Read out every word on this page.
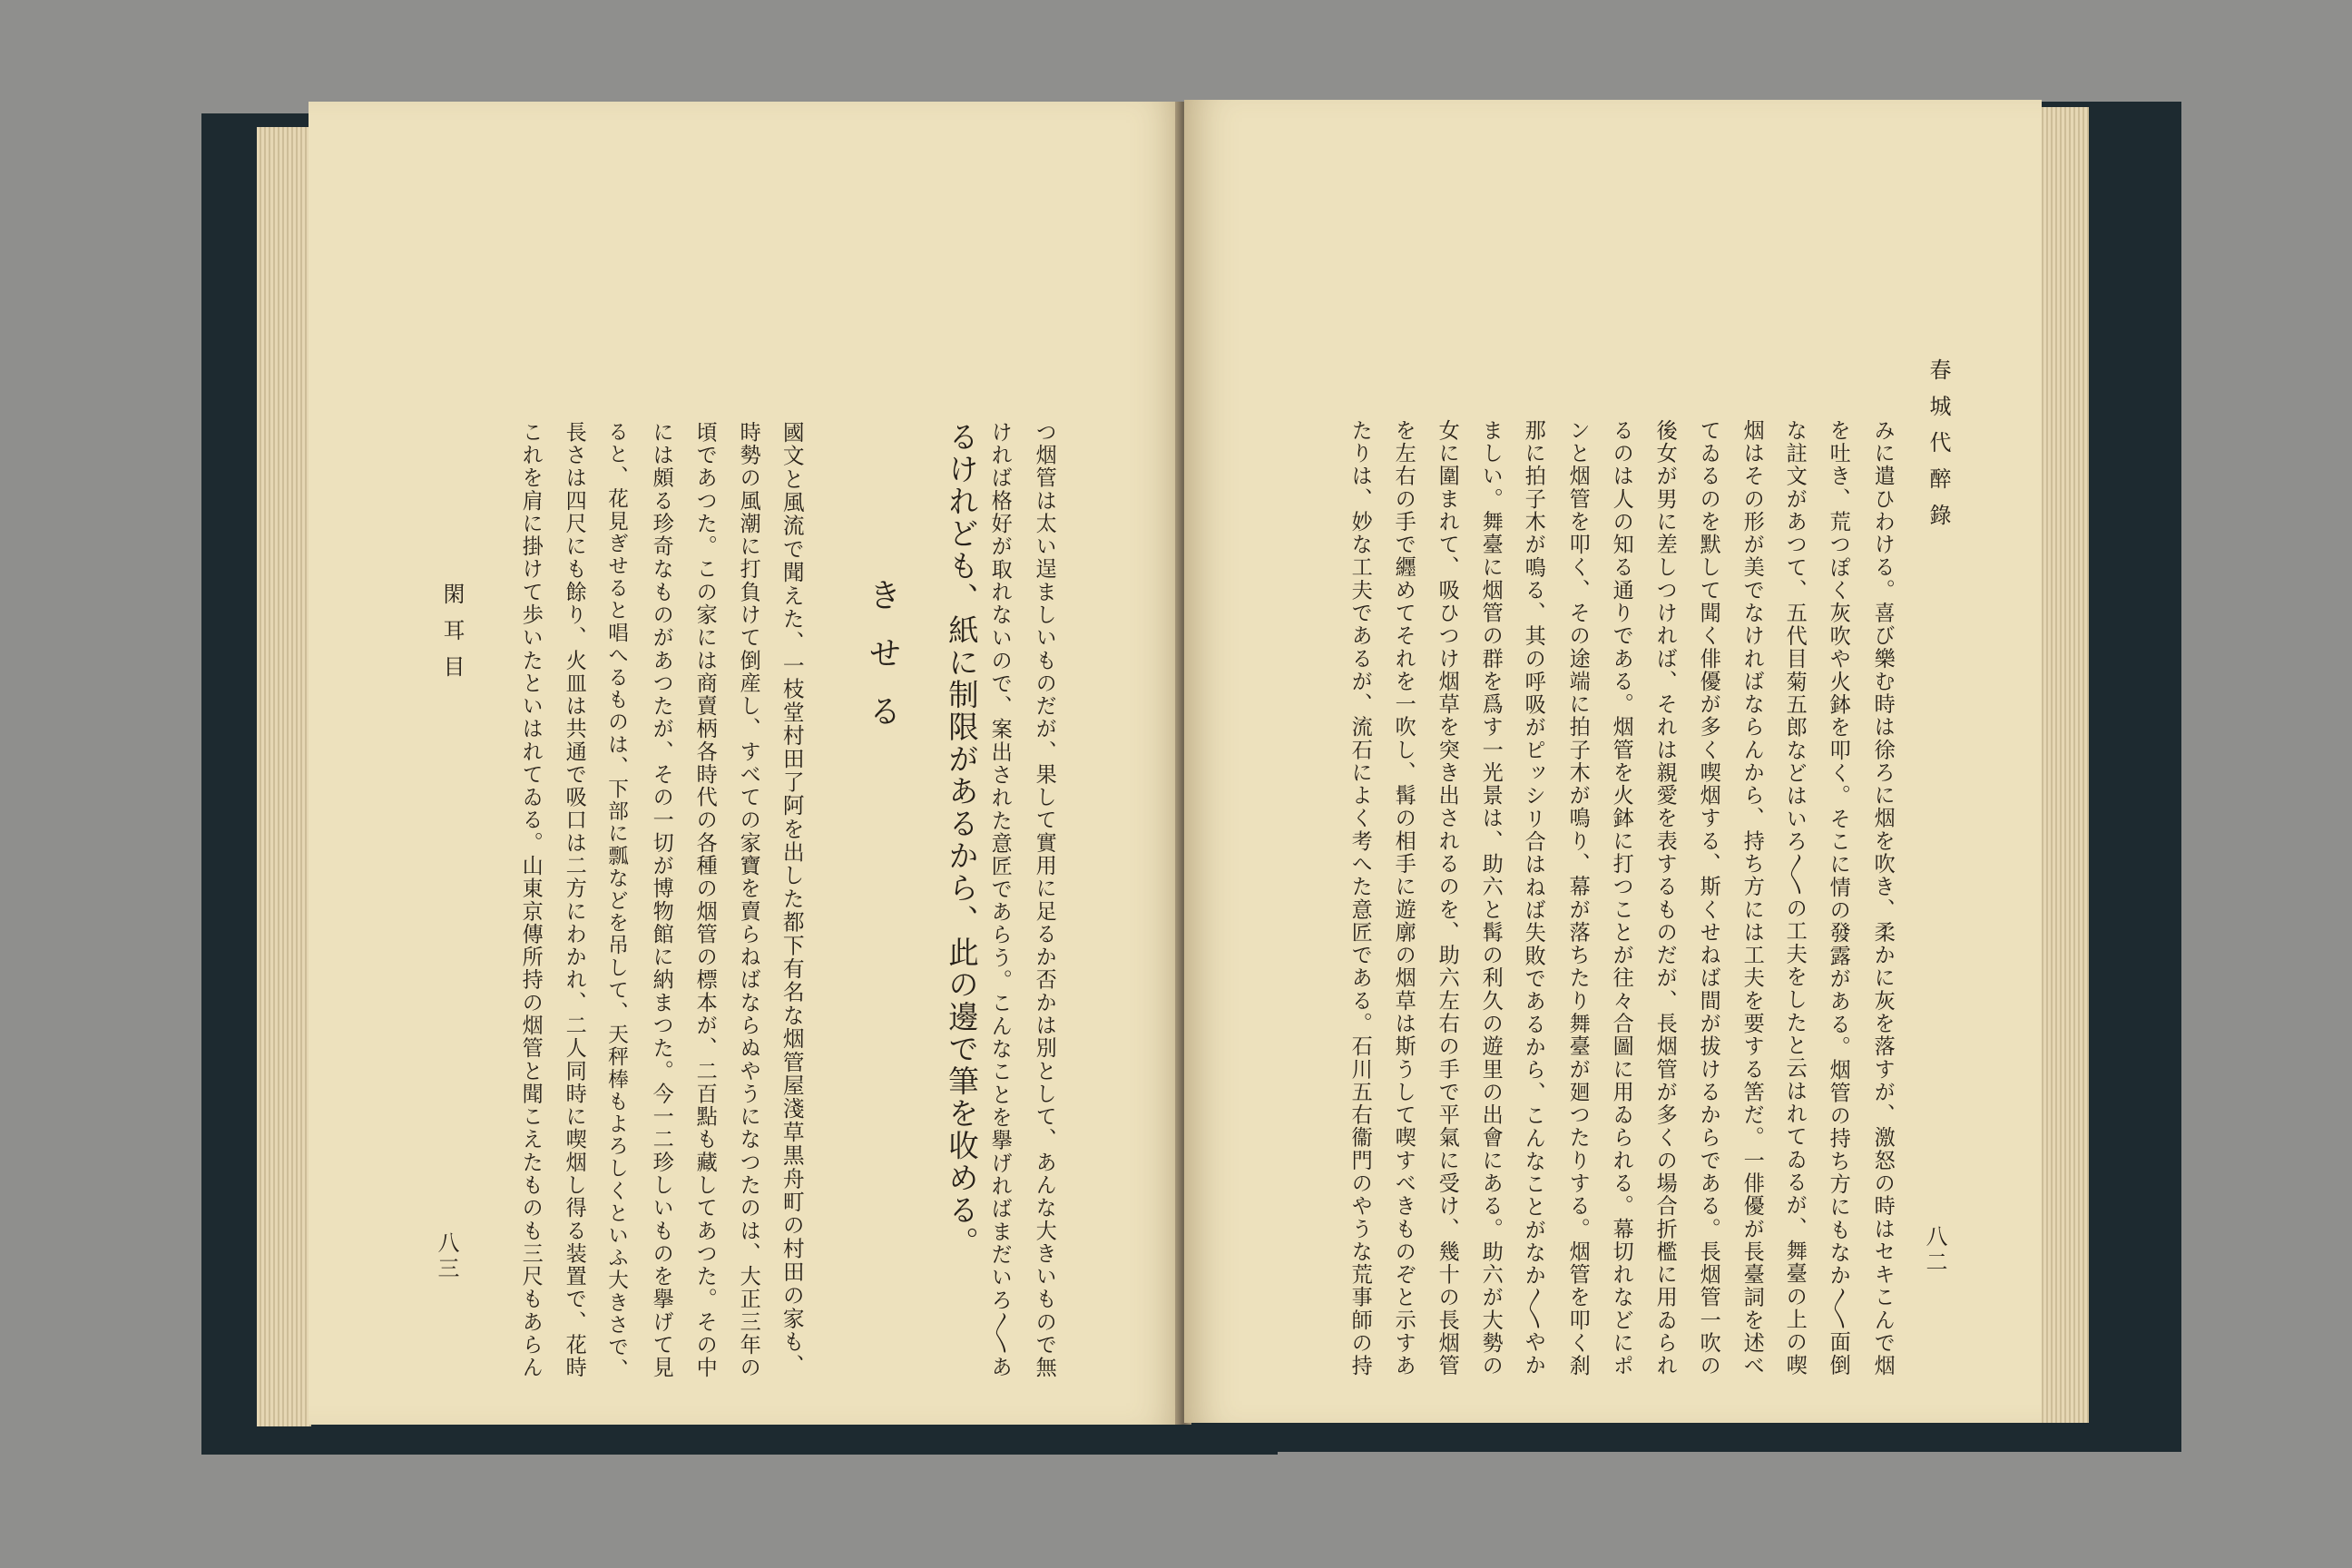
つ烟管は太い逞ましいものだが、果して實用に足るか否かは別として、あんな大きいもので無
ければ格好が取れないので、案出された意匠であらう。こんなことを擧げればまだいろ〳〵あ
るけれども、紙に制限があるから、此の邊で筆を收める。
きせる
國文と風流で聞えた、一枝堂村田了阿を出した都下有名な烟管屋淺草黒舟町の村田の家も、
時勢の風潮に打負けて倒産し、すべての家寶を賣らねばならぬやうになつたのは、大正三年の
頃であつた。この家には商賣柄各時代の各種の烟管の標本が、二百點も藏してあつた。その中
には頗る珍奇なものがあつたが、その一切が博物館に納まつた。今一二珍しいものを擧げて見
ると、花見ぎせると唱へるものは、下部に瓢などを吊して、天秤棒もよろしくといふ大きさで、
長さは四尺にも餘り、火皿は共通で吸口は二方にわかれ、二人同時に喫烟し得る装置で、花時
これを肩に掛けて歩いたといはれてゐる。山東京傳所持の烟管と聞こえたものも三尺もあらん
閑耳目
八三
春城代醉錄
みに遣ひわける。喜び樂む時は徐ろに烟を吹き、柔かに灰を落すが、激怒の時はセキこんで烟
を吐き、荒つぽく灰吹や火鉢を叩く。そこに情の發露がある。烟管の持ち方にもなか〳〵面倒
な註文があつて、五代目菊五郎などはいろ〳〵の工夫をしたと云はれてゐるが、舞臺の上の喫
烟はその形が美でなければならんから、持ち方には工夫を要する筈だ。一俳優が長臺詞を述べ
てゐるのを默して聞く俳優が多く喫烟する、斯くせねば間が拔けるからである。長烟管一吹の
後女が男に差しつければ、それは親愛を表するものだが、長烟管が多くの場合折檻に用ゐられ
るのは人の知る通りである。烟管を火鉢に打つことが往々合圖に用ゐられる。幕切れなどにポ
ンと烟管を叩く、その途端に拍子木が鳴り、幕が落ちたり舞臺が廻つたりする。烟管を叩く刹
那に拍子木が鳴る、其の呼吸がピッシリ合はねば失敗であるから、こんなことがなか〳〵やか
ましい。舞臺に烟管の群を爲す一光景は、助六と髯の利久の遊里の出會にある。助六が大勢の
女に圍まれて、吸ひつけ烟草を突き出されるのを、助六左右の手で平氣に受け、幾十の長烟管
を左右の手で纒めてそれを一吹し、髯の相手に遊廓の烟草は斯うして喫すべきものぞと示すあ
たりは、妙な工夫であるが、流石によく考へた意匠である。石川五右衞門のやうな荒事師の持	八二
